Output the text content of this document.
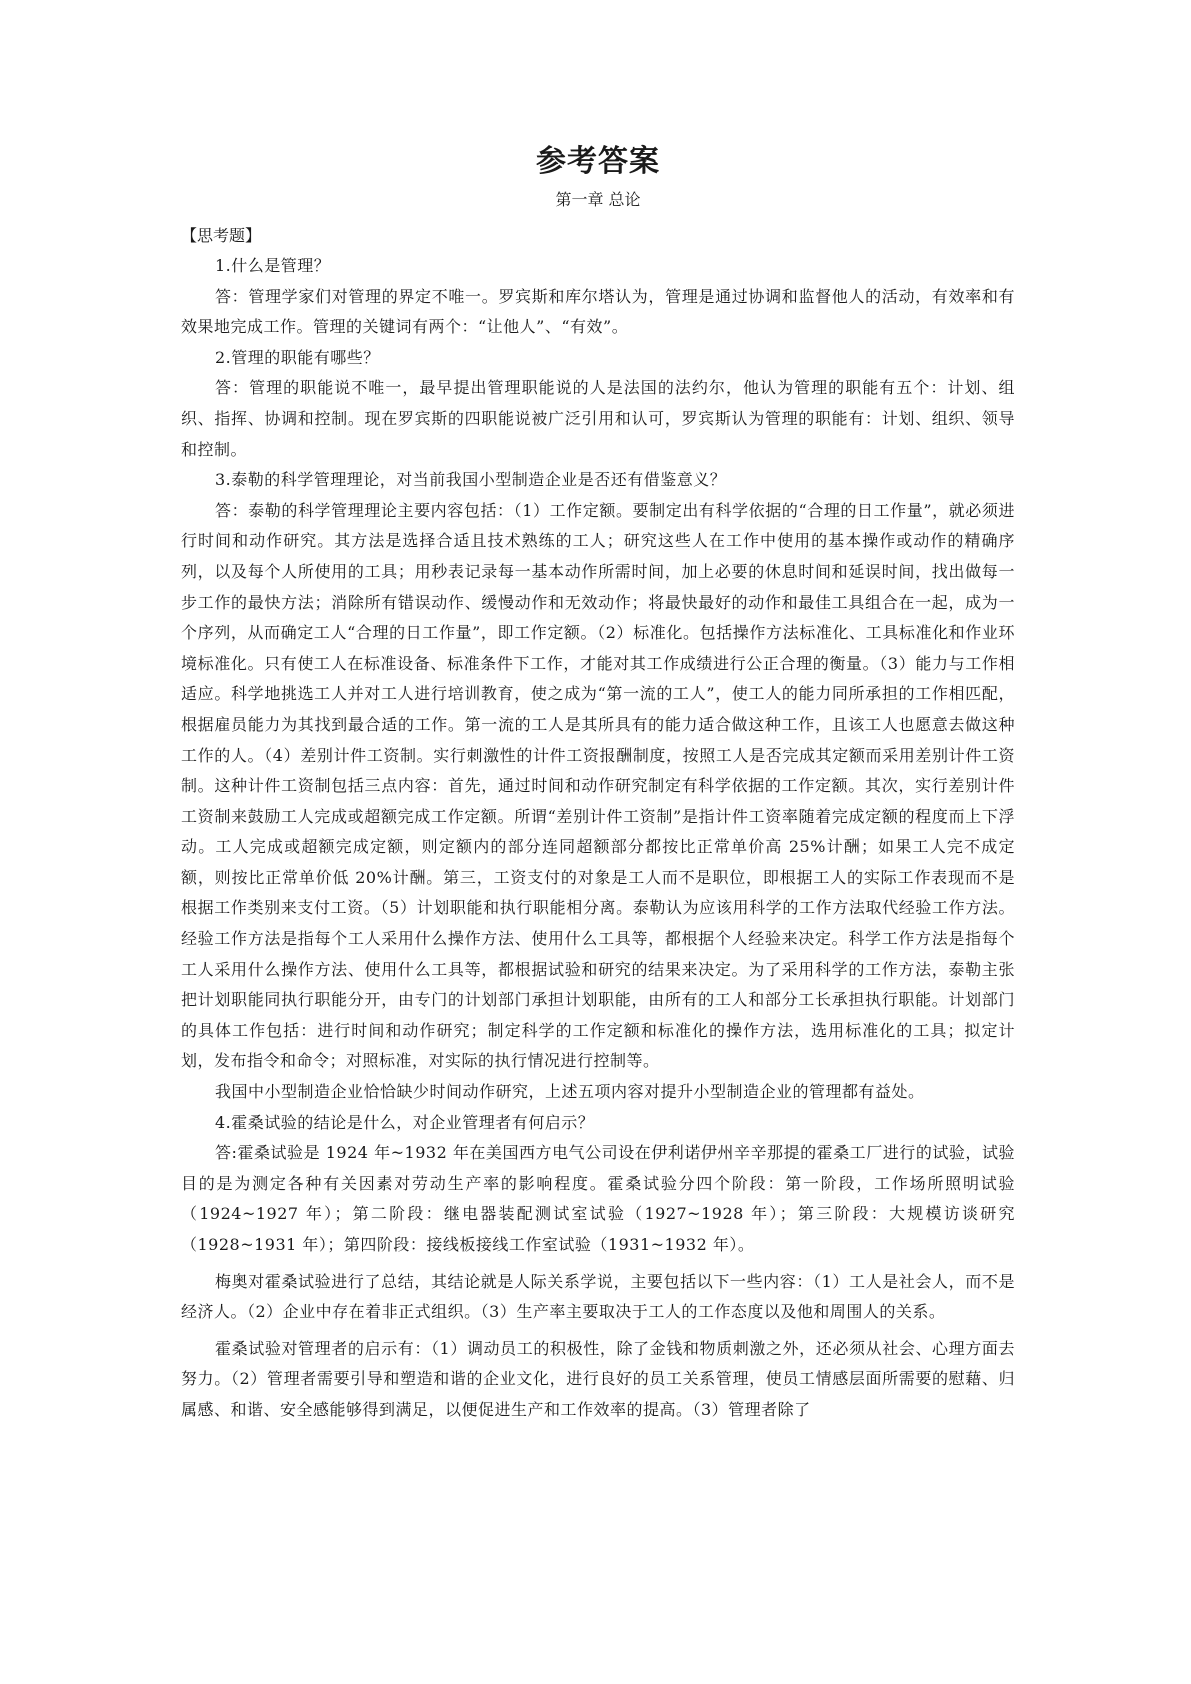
参考答案
第一章 总论
【思考题】

1.什么是管理？

答：管理学家们对管理的界定不唯一。罗宾斯和库尔塔认为，管理是通过协调和监督他人的活动，有效率和有效果地完成工作。管理的关键词有两个：“让他人”、“有效”。

2.管理的职能有哪些？

答：管理的职能说不唯一，最早提出管理职能说的人是法国的法约尔，他认为管理的职能有五个：计划、组织、指挥、协调和控制。现在罗宾斯的四职能说被广泛引用和认可，罗宾斯认为管理的职能有：计划、组织、领导和控制。

3.泰勒的科学管理理论，对当前我国小型制造企业是否还有借鉴意义？

答：泰勒的科学管理理论主要内容包括：（1）工作定额。要制定出有科学依据的“合理的日工作量”，就必须进行时间和动作研究。其方法是选择合适且技术熟练的工人；研究这些人在工作中使用的基本操作或动作的精确序列，以及每个人所使用的工具；用秒表记录每一基本动作所需时间，加上必要的休息时间和延误时间，找出做每一步工作的最快方法；消除所有错误动作、缓慢动作和无效动作；将最快最好的动作和最佳工具组合在一起，成为一个序列，从而确定工人“合理的日工作量”，即工作定额。（2）标准化。包括操作方法标准化、工具标准化和作业环境标准化。只有使工人在标准设备、标准条件下工作，才能对其工作成绩进行公正合理的衡量。（3）能力与工作相适应。科学地挑选工人并对工人进行培训教育，使之成为“第一流的工人”，使工人的能力同所承担的工作相匹配，根据雇员能力为其找到最合适的工作。第一流的工人是其所具有的能力适合做这种工作，且该工人也愿意去做这种工作的人。（4）差别计件工资制。实行刺激性的计件工资报酬制度，按照工人是否完成其定额而采用差别计件工资制。这种计件工资制包括三点内容：首先，通过时间和动作研究制定有科学依据的工作定额。其次，实行差别计件工资制来鼓励工人完成或超额完成工作定额。所谓“差别计件工资制”是指计件工资率随着完成定额的程度而上下浮动。工人完成或超额完成定额，则定额内的部分连同超额部分都按比正常单价高 25%计酬；如果工人完不成定额，则按比正常单价低 20%计酬。第三，工资支付的对象是工人而不是职位，即根据工人的实际工作表现而不是根据工作类别来支付工资。（5）计划职能和执行职能相分离。泰勒认为应该用科学的工作方法取代经验工作方法。经验工作方法是指每个工人采用什么操作方法、使用什么工具等，都根据个人经验来决定。科学工作方法是指每个工人采用什么操作方法、使用什么工具等，都根据试验和研究的结果来决定。为了采用科学的工作方法，泰勒主张把计划职能同执行职能分开，由专门的计划部门承担计划职能，由所有的工人和部分工长承担执行职能。计划部门的具体工作包括：进行时间和动作研究；制定科学的工作定额和标准化的操作方法，选用标准化的工具；拟定计划，发布指令和命令；对照标准，对实际的执行情况进行控制等。

我国中小型制造企业恰恰缺少时间动作研究，上述五项内容对提升小型制造企业的管理都有益处。

4.霍桑试验的结论是什么，对企业管理者有何启示？

答:霍桑试验是 1924 年~1932 年在美国西方电气公司设在伊利诺伊州辛辛那提的霍桑工厂进行的试验，试验目的是为测定各种有关因素对劳动生产率的影响程度。霍桑试验分四个阶段：第一阶段，工作场所照明试验（1924~1927 年）；第二阶段：继电器装配测试室试验（1927~1928 年）；第三阶段：大规模访谈研究（1928~1931 年）；第四阶段：接线板接线工作室试验（1931~1932 年）。

梅奥对霍桑试验进行了总结，其结论就是人际关系学说，主要包括以下一些内容：（1）工人是社会人，而不是经济人。（2）企业中存在着非正式组织。（3）生产率主要取决于工人的工作态度以及他和周围人的关系。

霍桑试验对管理者的启示有：（1）调动员工的积极性，除了金钱和物质刺激之外，还必须从社会、心理方面去努力。（2）管理者需要引导和塑造和谐的企业文化，进行良好的员工关系管理，使员工情感层面所需要的慰藉、归属感、和谐、安全感能够得到满足，以便促进生产和工作效率的提高。（3）管理者除了
